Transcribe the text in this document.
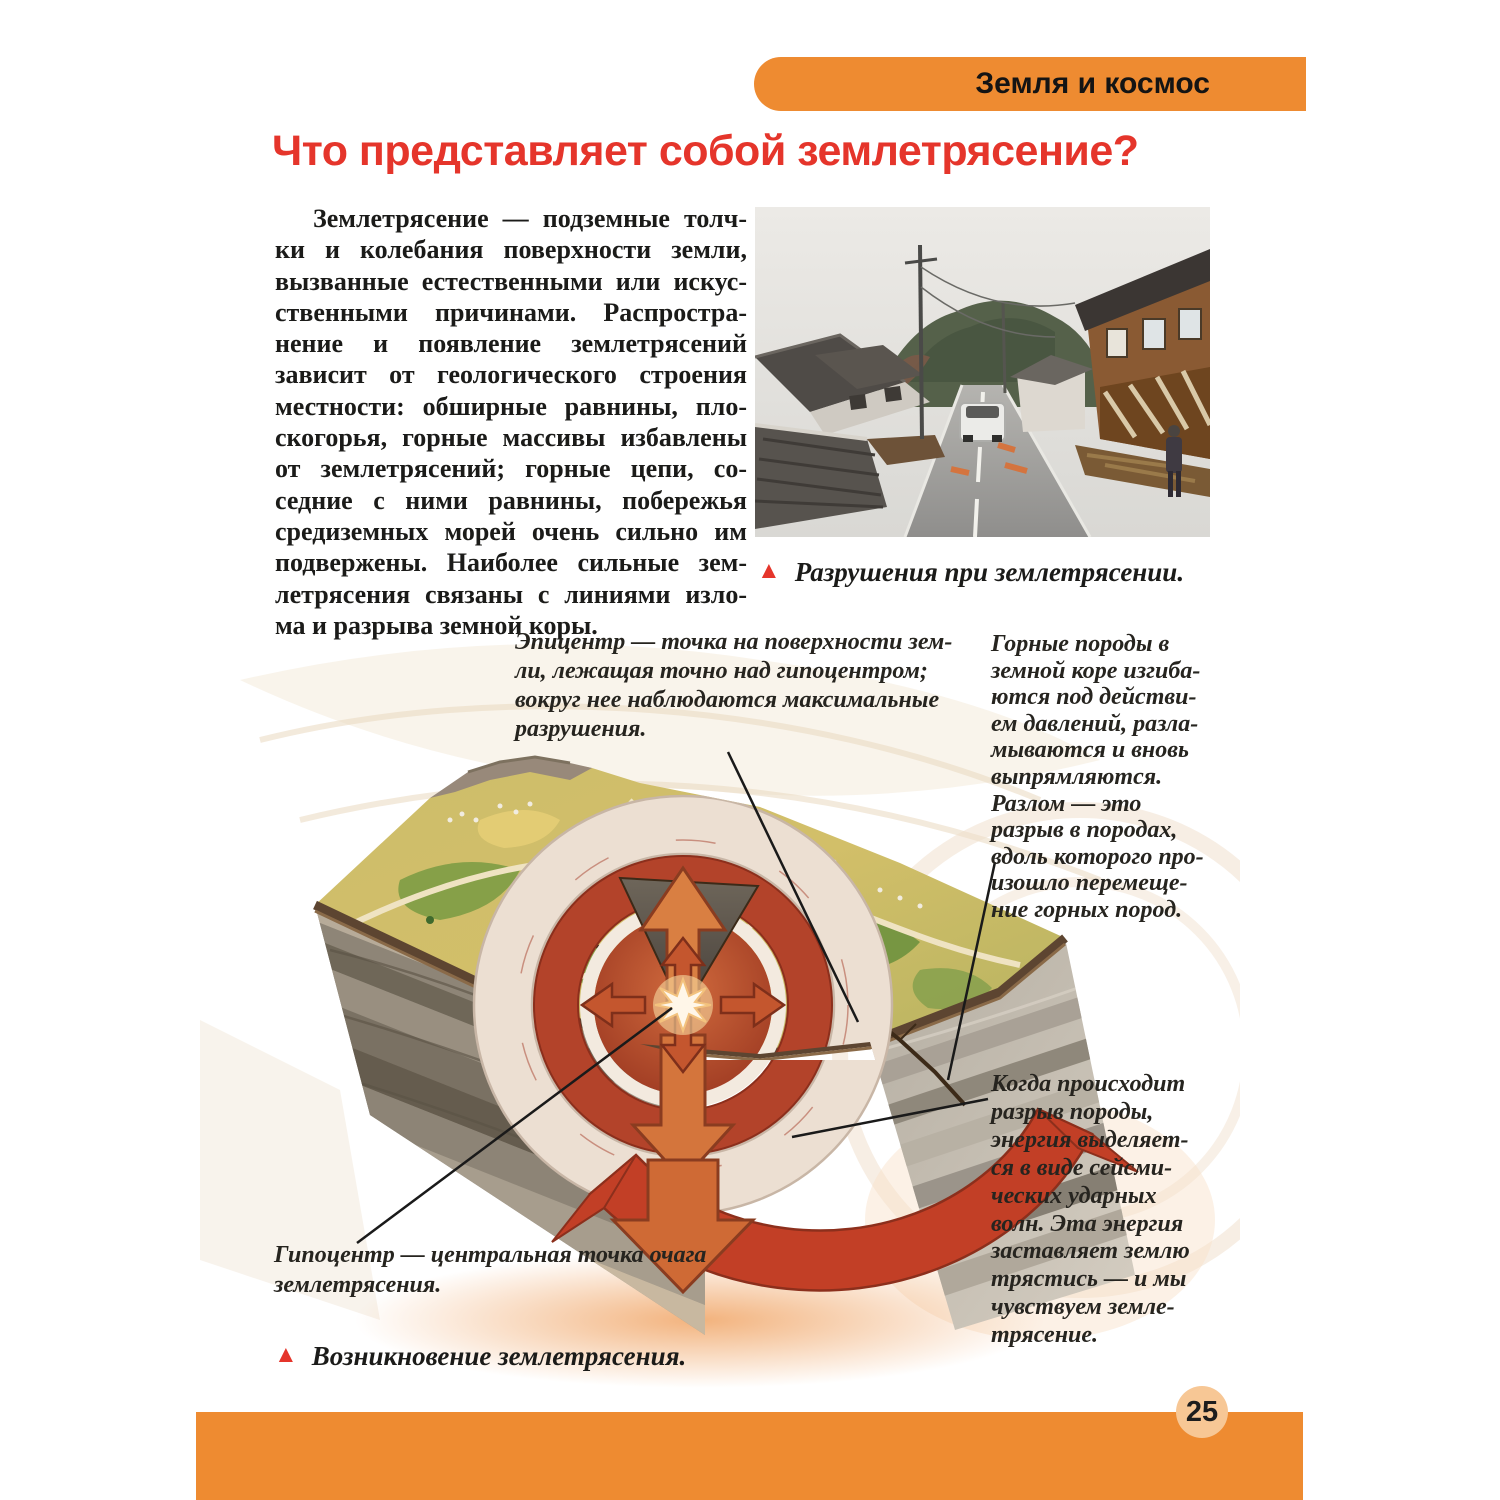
Земля и космос
Что представляет собой землетрясение?
Землетрясение — подземные толч-
ки и колебания поверхности земли,
вызванные естественными или искус-
ственными причинами. Распростра-
нение и появление землетрясений
зависит от геологического строения
местности: обширные равнины, пло-
скогорья, горные массивы избавлены
от землетрясений; горные цепи, со-
седние с ними равнины, побережья
средиземных морей очень сильно им
подвержены. Наиболее сильные зем-
летрясения связаны с линиями изло-
ма и разрыва земной коры.
▲ Разрушения при землетрясении.
Эпицентр — точка на поверхности зем-
ли, лежащая точно над гипоцентром;
вокруг нее наблюдаются максимальные
разрушения.
Горные породы в
земной коре изгиба-
ются под действи-
ем давлений, разла-
мываются и вновь
выпрямляются.
Разлом — это
разрыв в породах,
вдоль которого про-
изошло перемеще-
ние горных пород.
Когда происходит
разрыв породы,
энергия выделяет-
ся в виде сейсми-
ческих ударных
волн. Эта энергия
заставляет землю
трястись — и мы
чувствуем земле-
трясение.
Гипоцентр — центральная точка очага
землетрясения.
▲ Возникновение землетрясения.
25
